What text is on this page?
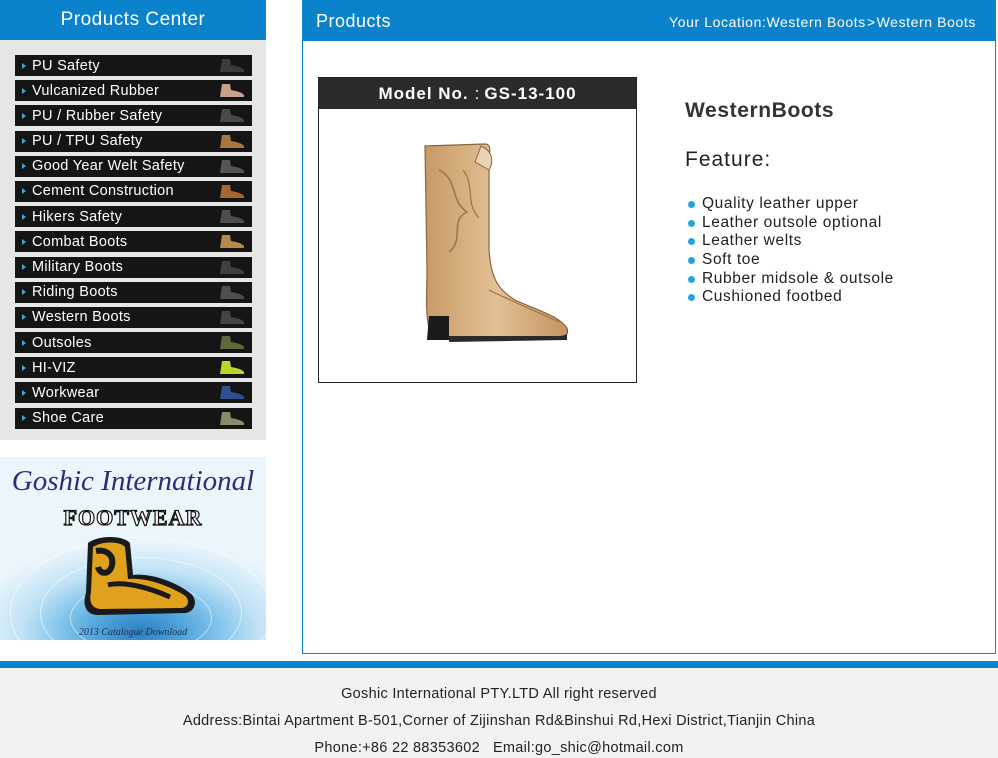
Products Center
PU Safety
Vulcanized Rubber
PU / Rubber Safety
PU / TPU Safety
Good Year Welt Safety
Cement Construction
Hikers Safety
Combat Boots
Military Boots
Riding Boots
Western Boots
Outsoles
HI-VIZ
Workwear
Shoe Care
Goshic International
FOOTWEAR
2013 Catalogue Download
Products	Your Location:Western Boots>Western Boots
Model No. : GS-13-100
WesternBoots
Feature:
Quality leather upper
Leather outsole optional
Leather welts
Soft toe
Rubber midsole & outsole
Cushioned footbed
Goshic International PTY.LTD All right reserved
Address:Bintai Apartment B-501,Corner of Zijinshan Rd&Binshui Rd,Hexi District,Tianjin China
Phone:+86 22 88353602   Email:go_shic@hotmail.com
